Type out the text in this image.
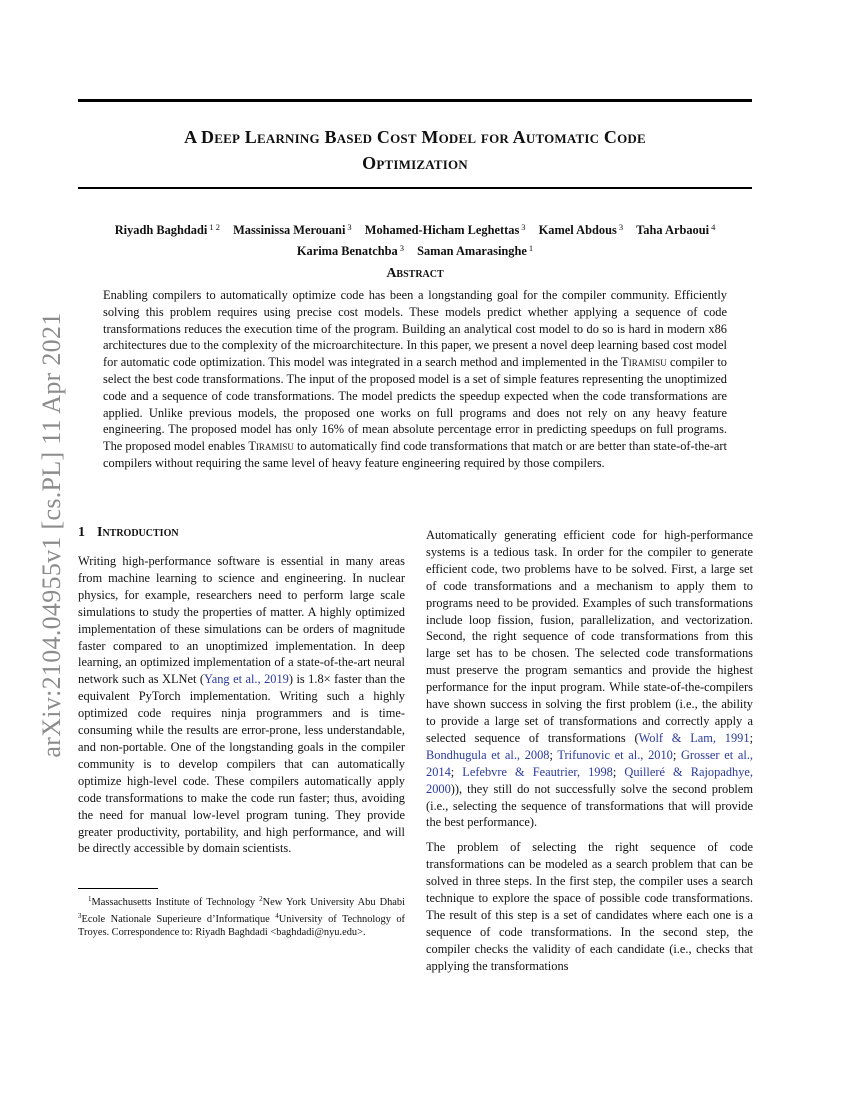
arXiv:2104.04955v1 [cs.PL] 11 Apr 2021
A Deep Learning Based Cost Model for Automatic Code
Optimization
Riyadh Baghdadi $^{1 2}$ Massinissa Merouani $^3$ Mohamed-Hicham Leghettas $^3$ Kamel Abdous $^3$ Taha Arbaoui $^4$
Karima Benatchba $^3$ Saman Amarasinghe $^1$
Abstract
Enabling compilers to automatically optimize code has been a longstanding goal for the compiler community. Efficiently solving this problem requires using precise cost models. These models predict whether applying a sequence of code transformations reduces the execution time of the program. Building an analytical cost model to do so is hard in modern x86 architectures due to the complexity of the microarchitecture. In this paper, we present a novel deep learning based cost model for automatic code optimization. This model was integrated in a search method and implemented in the Tiramisu compiler to select the best code transformations. The input of the proposed model is a set of simple features representing the unoptimized code and a sequence of code transformations. The model predicts the speedup expected when the code transformations are applied. Unlike previous models, the proposed one works on full programs and does not rely on any heavy feature engineering. The proposed model has only 16% of mean absolute percentage error in predicting speedups on full programs. The proposed model enables Tiramisu to automatically find code transformations that match or are better than state-of-the-art compilers without requiring the same level of heavy feature engineering required by those compilers.
1 Introduction

Writing high-performance software is essential in many areas from machine learning to science and engineering. In nuclear physics, for example, researchers need to perform large scale simulations to study the properties of matter. A highly optimized implementation of these simulations can be orders of magnitude faster compared to an unoptimized implementation. In deep learning, an optimized implementation of a state-of-the-art neural network such as XLNet (Yang et al., 2019) is 1.8× faster than the equivalent PyTorch implementation. Writing such a highly optimized code requires ninja programmers and is time-consuming while the results are error-prone, less understandable, and non-portable. One of the longstanding goals in the compiler community is to develop compilers that can automatically optimize high-level code. These compilers automatically apply code transformations to make the code run faster; thus, avoiding the need for manual low-level program tuning. They provide greater productivity, portability, and high performance, and will be directly accessible by domain scientists.

$^1$Massachusetts Institute of Technology $^2$New York University Abu Dhabi $^3$Ecole Nationale Superieure d’Informatique $^4$University of Technology of Troyes. Correspondence to: Riyadh Baghdadi <baghdadi@nyu.edu>.

Automatically generating efficient code for high-performance systems is a tedious task. In order for the compiler to generate efficient code, two problems have to be solved. First, a large set of code transformations and a mechanism to apply them to programs need to be provided. Examples of such transformations include loop fission, fusion, parallelization, and vectorization. Second, the right sequence of code transformations from this large set has to be chosen. The selected code transformations must preserve the program semantics and provide the highest performance for the input program. While state-of-the-compilers have shown success in solving the first problem (i.e., the ability to provide a large set of transformations and correctly apply a selected sequence of transformations (Wolf & Lam, 1991; Bondhugula et al., 2008; Trifunovic et al., 2010; Grosser et al., 2014; Lefebvre & Feautrier, 1998; Quilleré & Rajopadhye, 2000)), they still do not successfully solve the second problem (i.e., selecting the sequence of transformations that will provide the best performance).

The problem of selecting the right sequence of code transformations can be modeled as a search problem that can be solved in three steps. In the first step, the compiler uses a search technique to explore the space of possible code transformations. The result of this step is a set of candidates where each one is a sequence of code transformations. In the second step, the compiler checks the validity of each candidate (i.e., checks that applying the transformations
